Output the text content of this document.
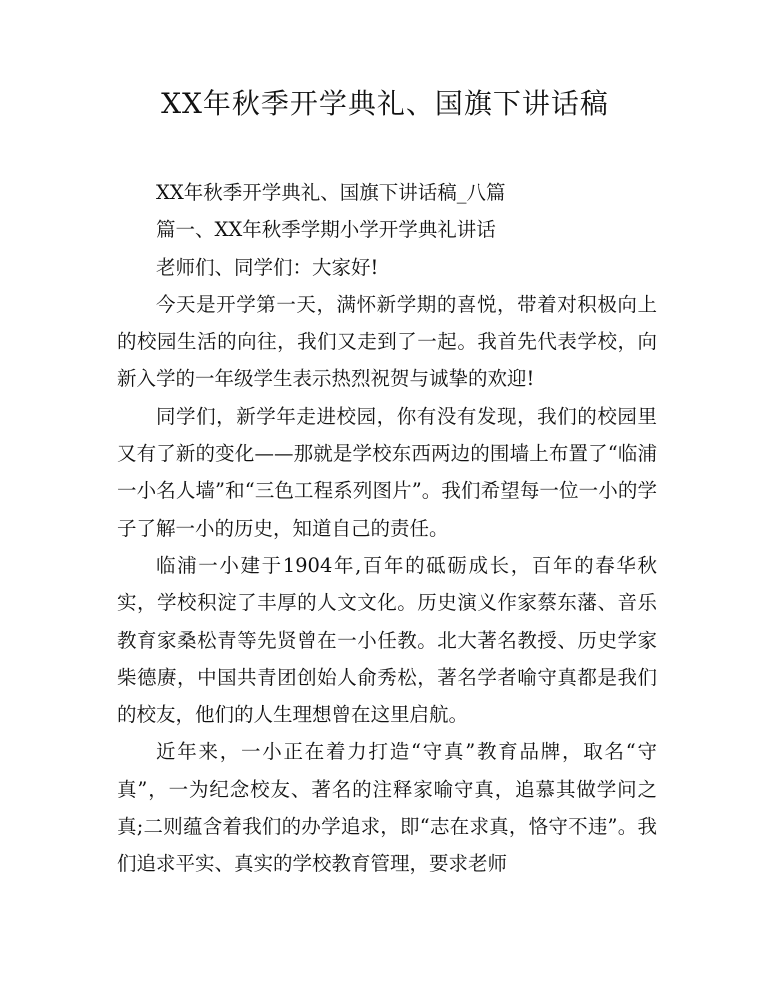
XX年秋季开学典礼、国旗下讲话稿

XX年秋季开学典礼、国旗下讲话稿_八篇

篇一、XX年秋季学期小学开学典礼讲话

老师们、同学们：大家好!

今天是开学第一天，满怀新学期的喜悦，带着对积极向上的校园生活的向往，我们又走到了一起。我首先代表学校，向新入学的一年级学生表示热烈祝贺与诚挚的欢迎!

同学们，新学年走进校园，你有没有发现，我们的校园里又有了新的变化——那就是学校东西两边的围墙上布置了“临浦一小名人墙”和“三色工程系列图片”。我们希望每一位一小的学子了解一小的历史，知道自己的责任。

临浦一小建于1904年,百年的砥砺成长，百年的春华秋实，学校积淀了丰厚的人文文化。历史演义作家蔡东藩、音乐教育家桑松青等先贤曾在一小任教。北大著名教授、历史学家柴德赓，中国共青团创始人俞秀松，著名学者喻守真都是我们的校友，他们的人生理想曾在这里启航。

近年来，一小正在着力打造“守真”教育品牌，取名“守真”，一为纪念校友、著名的注释家喻守真，追慕其做学问之真;二则蕴含着我们的办学追求，即“志在求真，恪守不违”。我们追求平实、真实的学校教育管理，要求老师
